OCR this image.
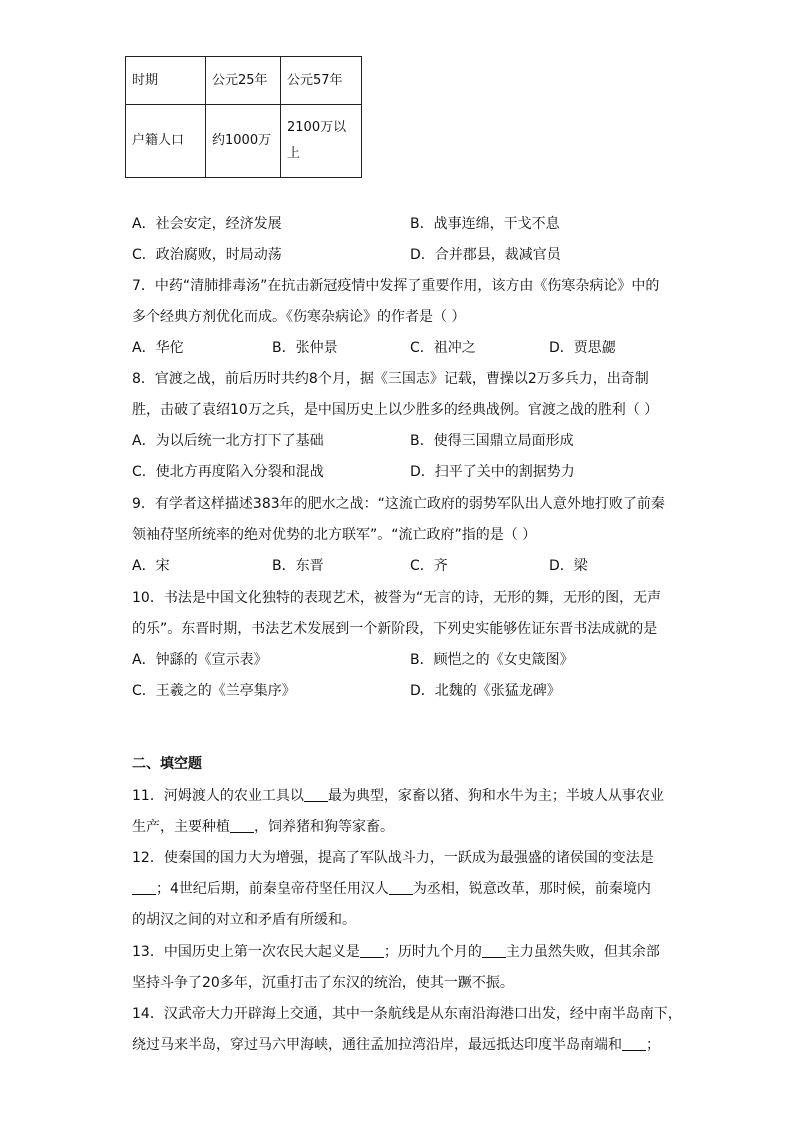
时期	公元25年	公元57年
户籍人口	约1000万	2100万以
上
A．社会安定，经济发展	B．战事连绵，干戈不息
C．政治腐败，时局动荡	D．合并郡县，裁减官员
7．中药“清肺排毒汤”在抗击新冠疫情中发挥了重要作用，该方由《伤寒杂病论》中的
多个经典方剂优化而成。《伤寒杂病论》的作者是（ ）
A．华佗	B．张仲景	C．祖冲之	D．贾思勰
8．官渡之战，前后历时共约8个月，据《三国志》记载，曹操以2万多兵力，出奇制
胜，击破了袁绍10万之兵，是中国历史上以少胜多的经典战例。官渡之战的胜利（ ）
A．为以后统一北方打下了基础	B．使得三国鼎立局面形成
C．使北方再度陷入分裂和混战	D．扫平了关中的割据势力
9．有学者这样描述383年的肥水之战：“这流亡政府的弱势军队出人意外地打败了前秦
领袖苻坚所统率的绝对优势的北方联军”。“流亡政府”指的是（ ）
A．宋	B．东晋	C．齐	D．梁
10．书法是中国文化独特的表现艺术，被誉为“无言的诗，无形的舞，无形的图，无声
的乐”。东晋时期，书法艺术发展到一个新阶段，下列史实能够佐证东晋书法成就的是
A．钟繇的《宣示表》	B．顾恺之的《女史箴图》
C．王羲之的《兰亭集序》	D．北魏的《张猛龙碑》
二、填空题
11．河姆渡人的农业工具以 最为典型，家畜以猪、狗和水牛为主；半坡人从事农业
生产，主要种植 ，饲养猪和狗等家畜。
12．使秦国的国力大为增强，提高了军队战斗力，一跃成为最强盛的诸侯国的变法是
；4世纪后期，前秦皇帝苻坚任用汉人 为丞相，锐意改革，那时候，前秦境内
的胡汉之间的对立和矛盾有所缓和。
13．中国历史上第一次农民大起义是 ；历时九个月的 主力虽然失败，但其余部
坚持斗争了20多年，沉重打击了东汉的统治，使其一蹶不振。
14．汉武帝大力开辟海上交通，其中一条航线是从东南沿海港口出发，经中南半岛南下，
绕过马来半岛，穿过马六甲海峡，通往孟加拉湾沿岸，最远抵达印度半岛南端和 ；
